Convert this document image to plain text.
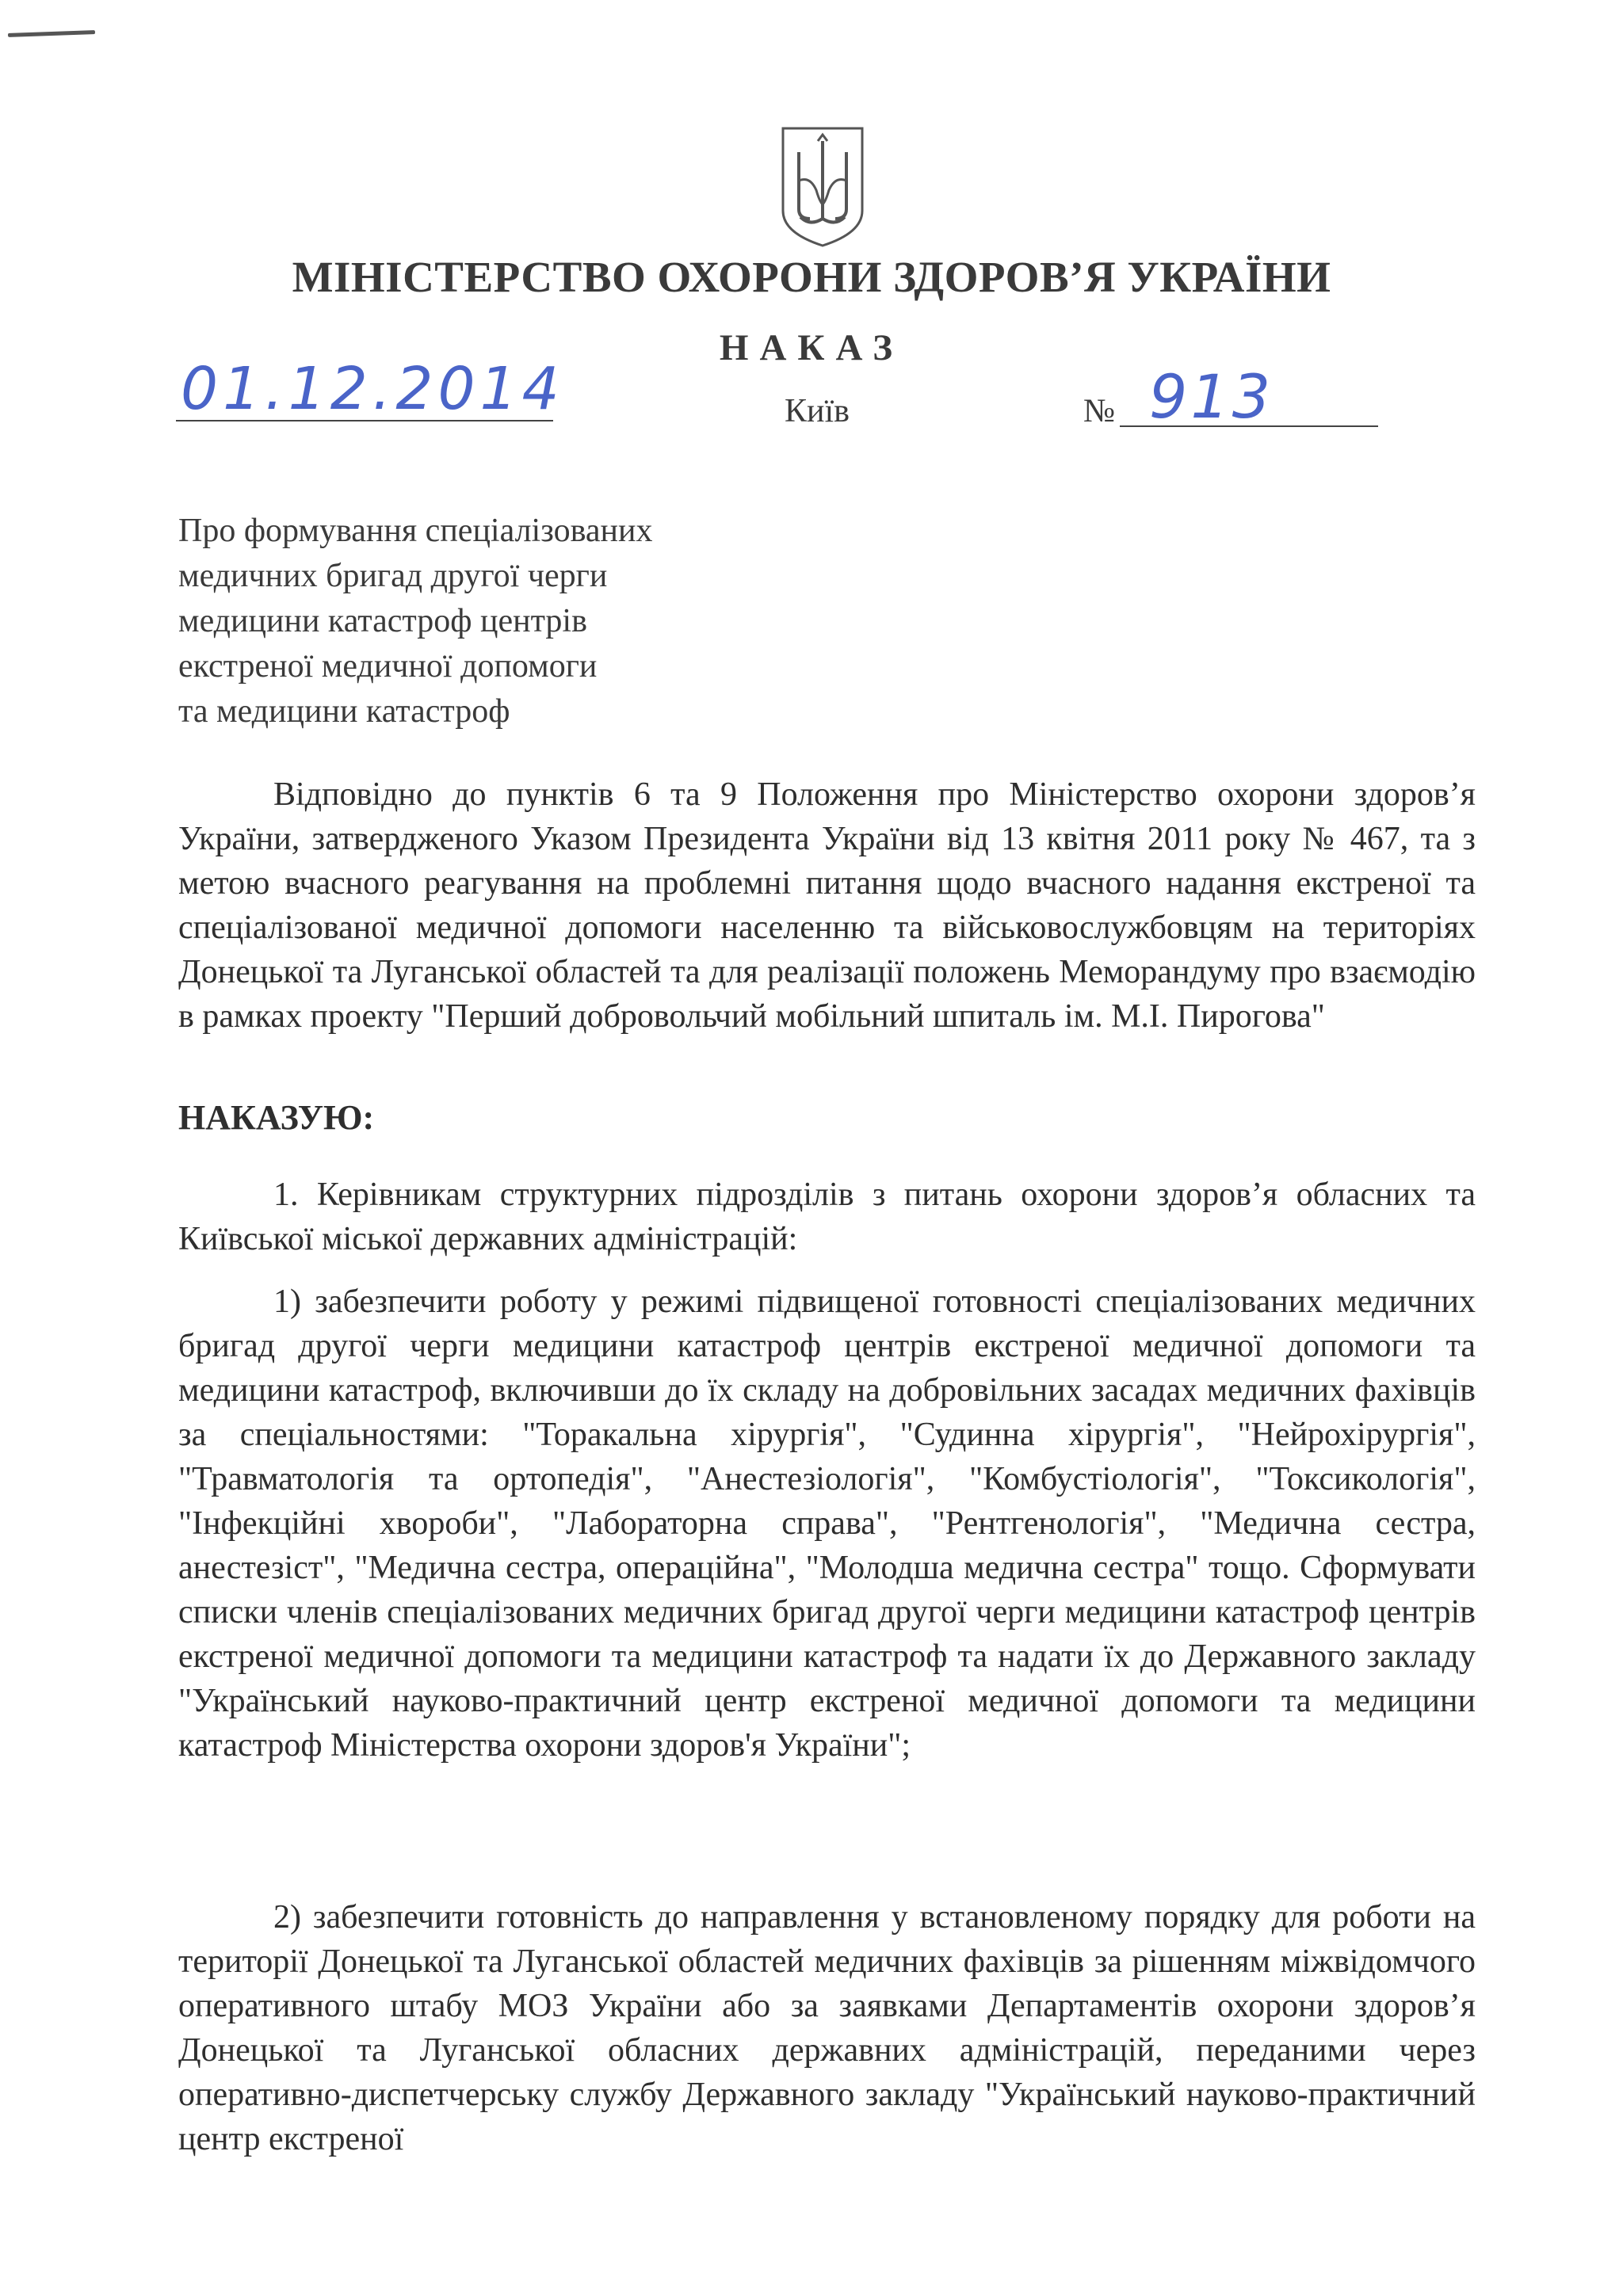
МІНІСТЕРСТВО ОХОРОНИ ЗДОРОВ’Я УКРАЇНИ
НАКАЗ
01.12.2014	Київ	№ 913
Про формування спеціалізованих
медичних бригад другої черги
медицини катастроф центрів
екстреної медичної допомоги
та медицини катастроф
Відповідно до пунктів 6 та 9 Положення про Міністерство охорони здоров’я України, затвердженого Указом Президента України від 13 квітня 2011 року № 467, та з метою вчасного реагування на проблемні питання щодо вчасного надання екстреної та спеціалізованої медичної допомоги населенню та військовослужбовцям на територіях Донецької та Луганської областей та для реалізації положень Меморандуму про взаємодію в рамках проекту "Перший добровольчий мобільний шпиталь ім. М.І. Пирогова"
НАКАЗУЮ:
1. Керівникам структурних підрозділів з питань охорони здоров’я обласних та Київської міської державних адміністрацій:
1) забезпечити роботу у режимі підвищеної готовності спеціалізованих медичних бригад другої черги медицини катастроф центрів екстреної медичної допомоги та медицини катастроф, включивши до їх складу на добровільних засадах медичних фахівців за спеціальностями: "Торакальна хірургія", "Судинна хірургія", "Нейрохірургія", "Травматологія та ортопедія", "Анестезіологія", "Комбустіологія", "Токсикологія", "Інфекційні хвороби", "Лабораторна справа", "Рентгенологія", "Медична сестра, анестезіст", "Медична сестра, операційна", "Молодша медична сестра" тощо. Сформувати списки членів спеціалізованих медичних бригад другої черги медицини катастроф центрів екстреної медичної допомоги та медицини катастроф та надати їх до Державного закладу "Український науково-практичний центр екстреної медичної допомоги та медицини катастроф Міністерства охорони здоров'я України";
2) забезпечити готовність до направлення у встановленому порядку для роботи на території Донецької та Луганської областей медичних фахівців за рішенням міжвідомчого оперативного штабу МОЗ України або за заявками Департаментів охорони здоров’я Донецької та Луганської обласних державних адміністрацій, переданими через оперативно-диспетчерську службу Державного закладу "Український науково-практичний центр екстреної
